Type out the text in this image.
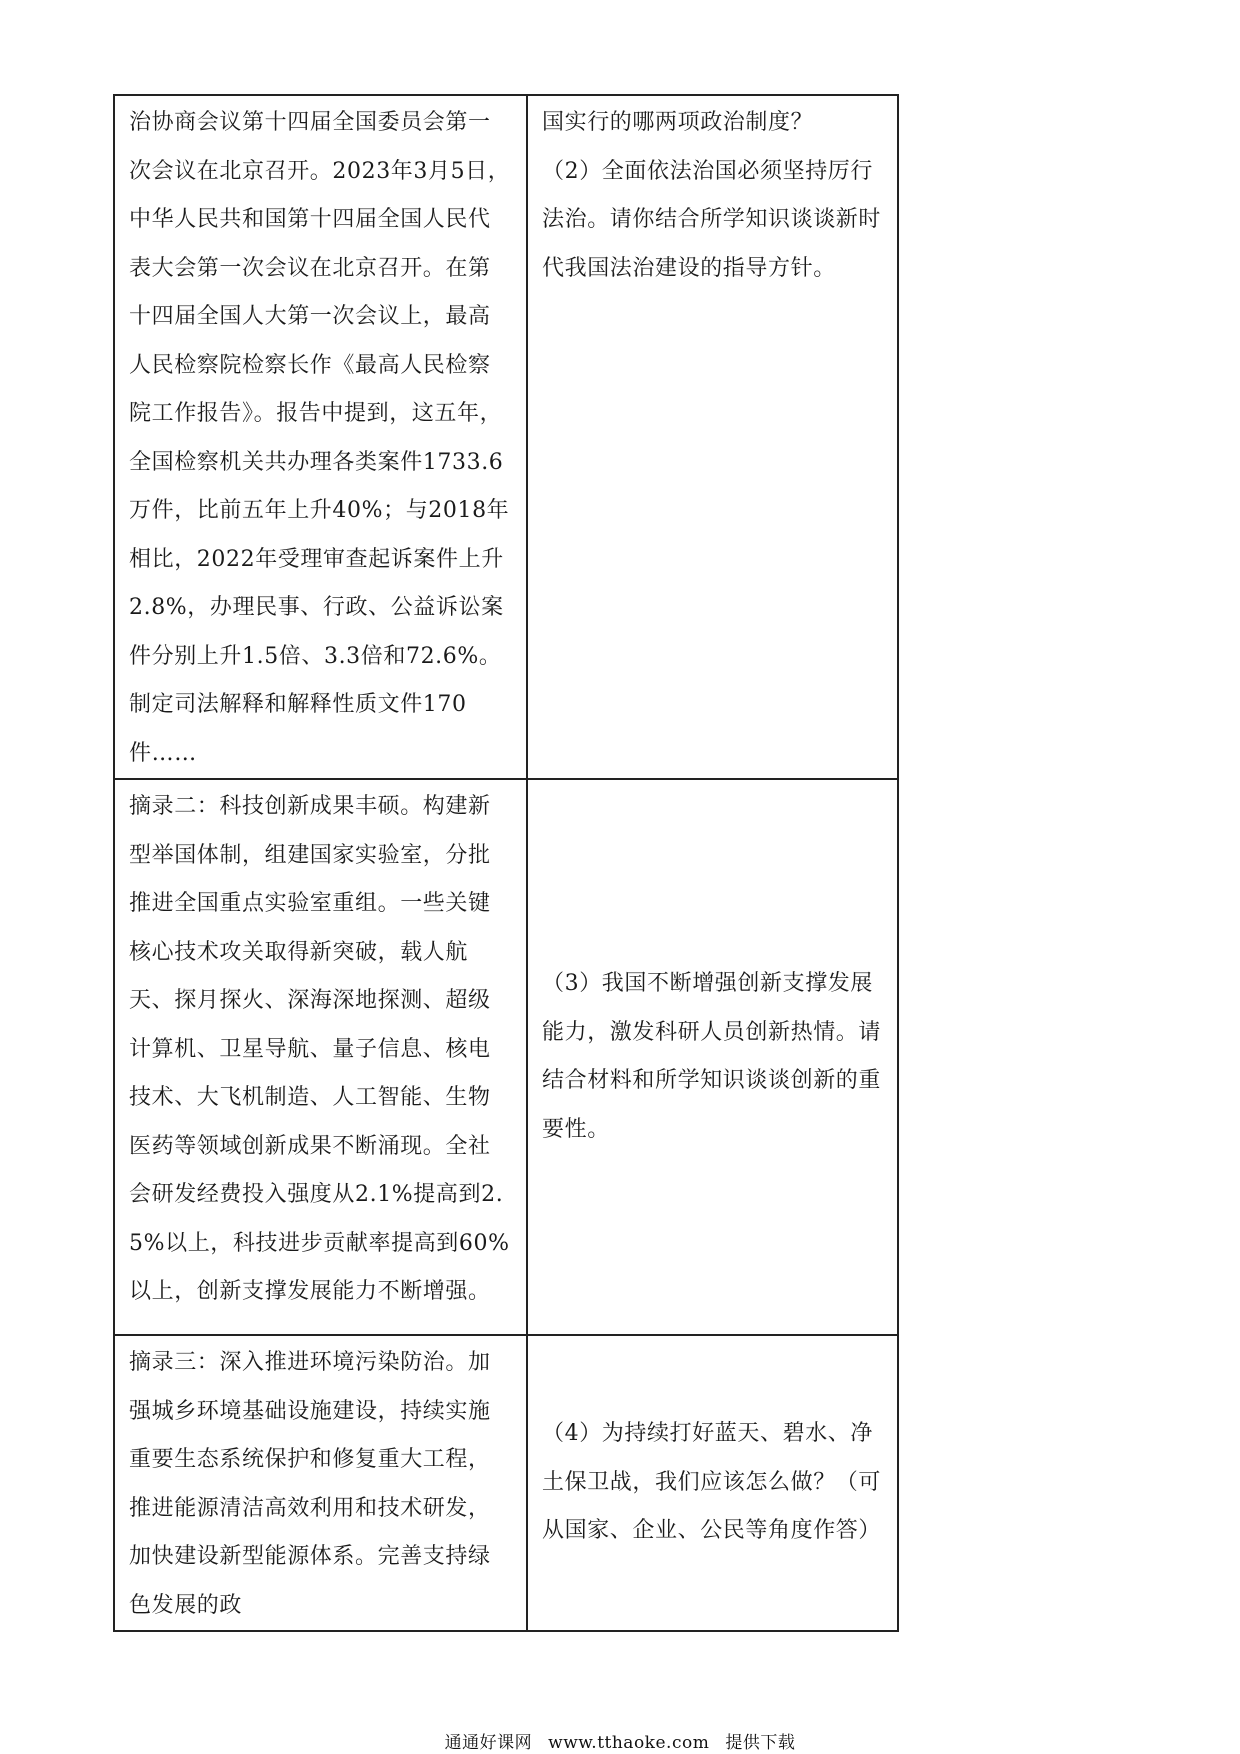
治协商会议第十四届全国委员会第一次会议在北京召开。2023年3月5日，中华人民共和国第十四届全国人民代表大会第一次会议在北京召开。在第十四届全国人大第一次会议上，最高人民检察院检察长作《最高人民检察院工作报告》。报告中提到，这五年，全国检察机关共办理各类案件1733.6万件，比前五年上升40%；与2018年相比，2022年受理审查起诉案件上升2.8%，办理民事、行政、公益诉讼案件分别上升1.5倍、3.3倍和72.6%。制定司法解释和解释性质文件170件……	国实行的哪两项政治制度？
（2）全面依法治国必须坚持厉行法治。请你结合所学知识谈谈新时代我国法治建设的指导方针。

摘录二：科技创新成果丰硕。构建新型举国体制，组建国家实验室，分批推进全国重点实验室重组。一些关键核心技术攻关取得新突破，载人航天、探月探火、深海深地探测、超级计算机、卫星导航、量子信息、核电技术、大飞机制造、人工智能、生物医药等领域创新成果不断涌现。全社会研发经费投入强度从2.1%提高到2.5%以上，科技进步贡献率提高到60%以上，创新支撑发展能力不断增强。	（3）我国不断增强创新支撑发展能力，激发科研人员创新热情。请结合材料和所学知识谈谈创新的重要性。

摘录三：深入推进环境污染防治。加强城乡环境基础设施建设，持续实施重要生态系统保护和修复重大工程，推进能源清洁高效利用和技术研发，加快建设新型能源体系。完善支持绿色发展的政	（4）为持续打好蓝天、碧水、净土保卫战，我们应该怎么做？（可从国家、企业、公民等角度作答）
通通好课网 www.tthaoke.com 提供下载
